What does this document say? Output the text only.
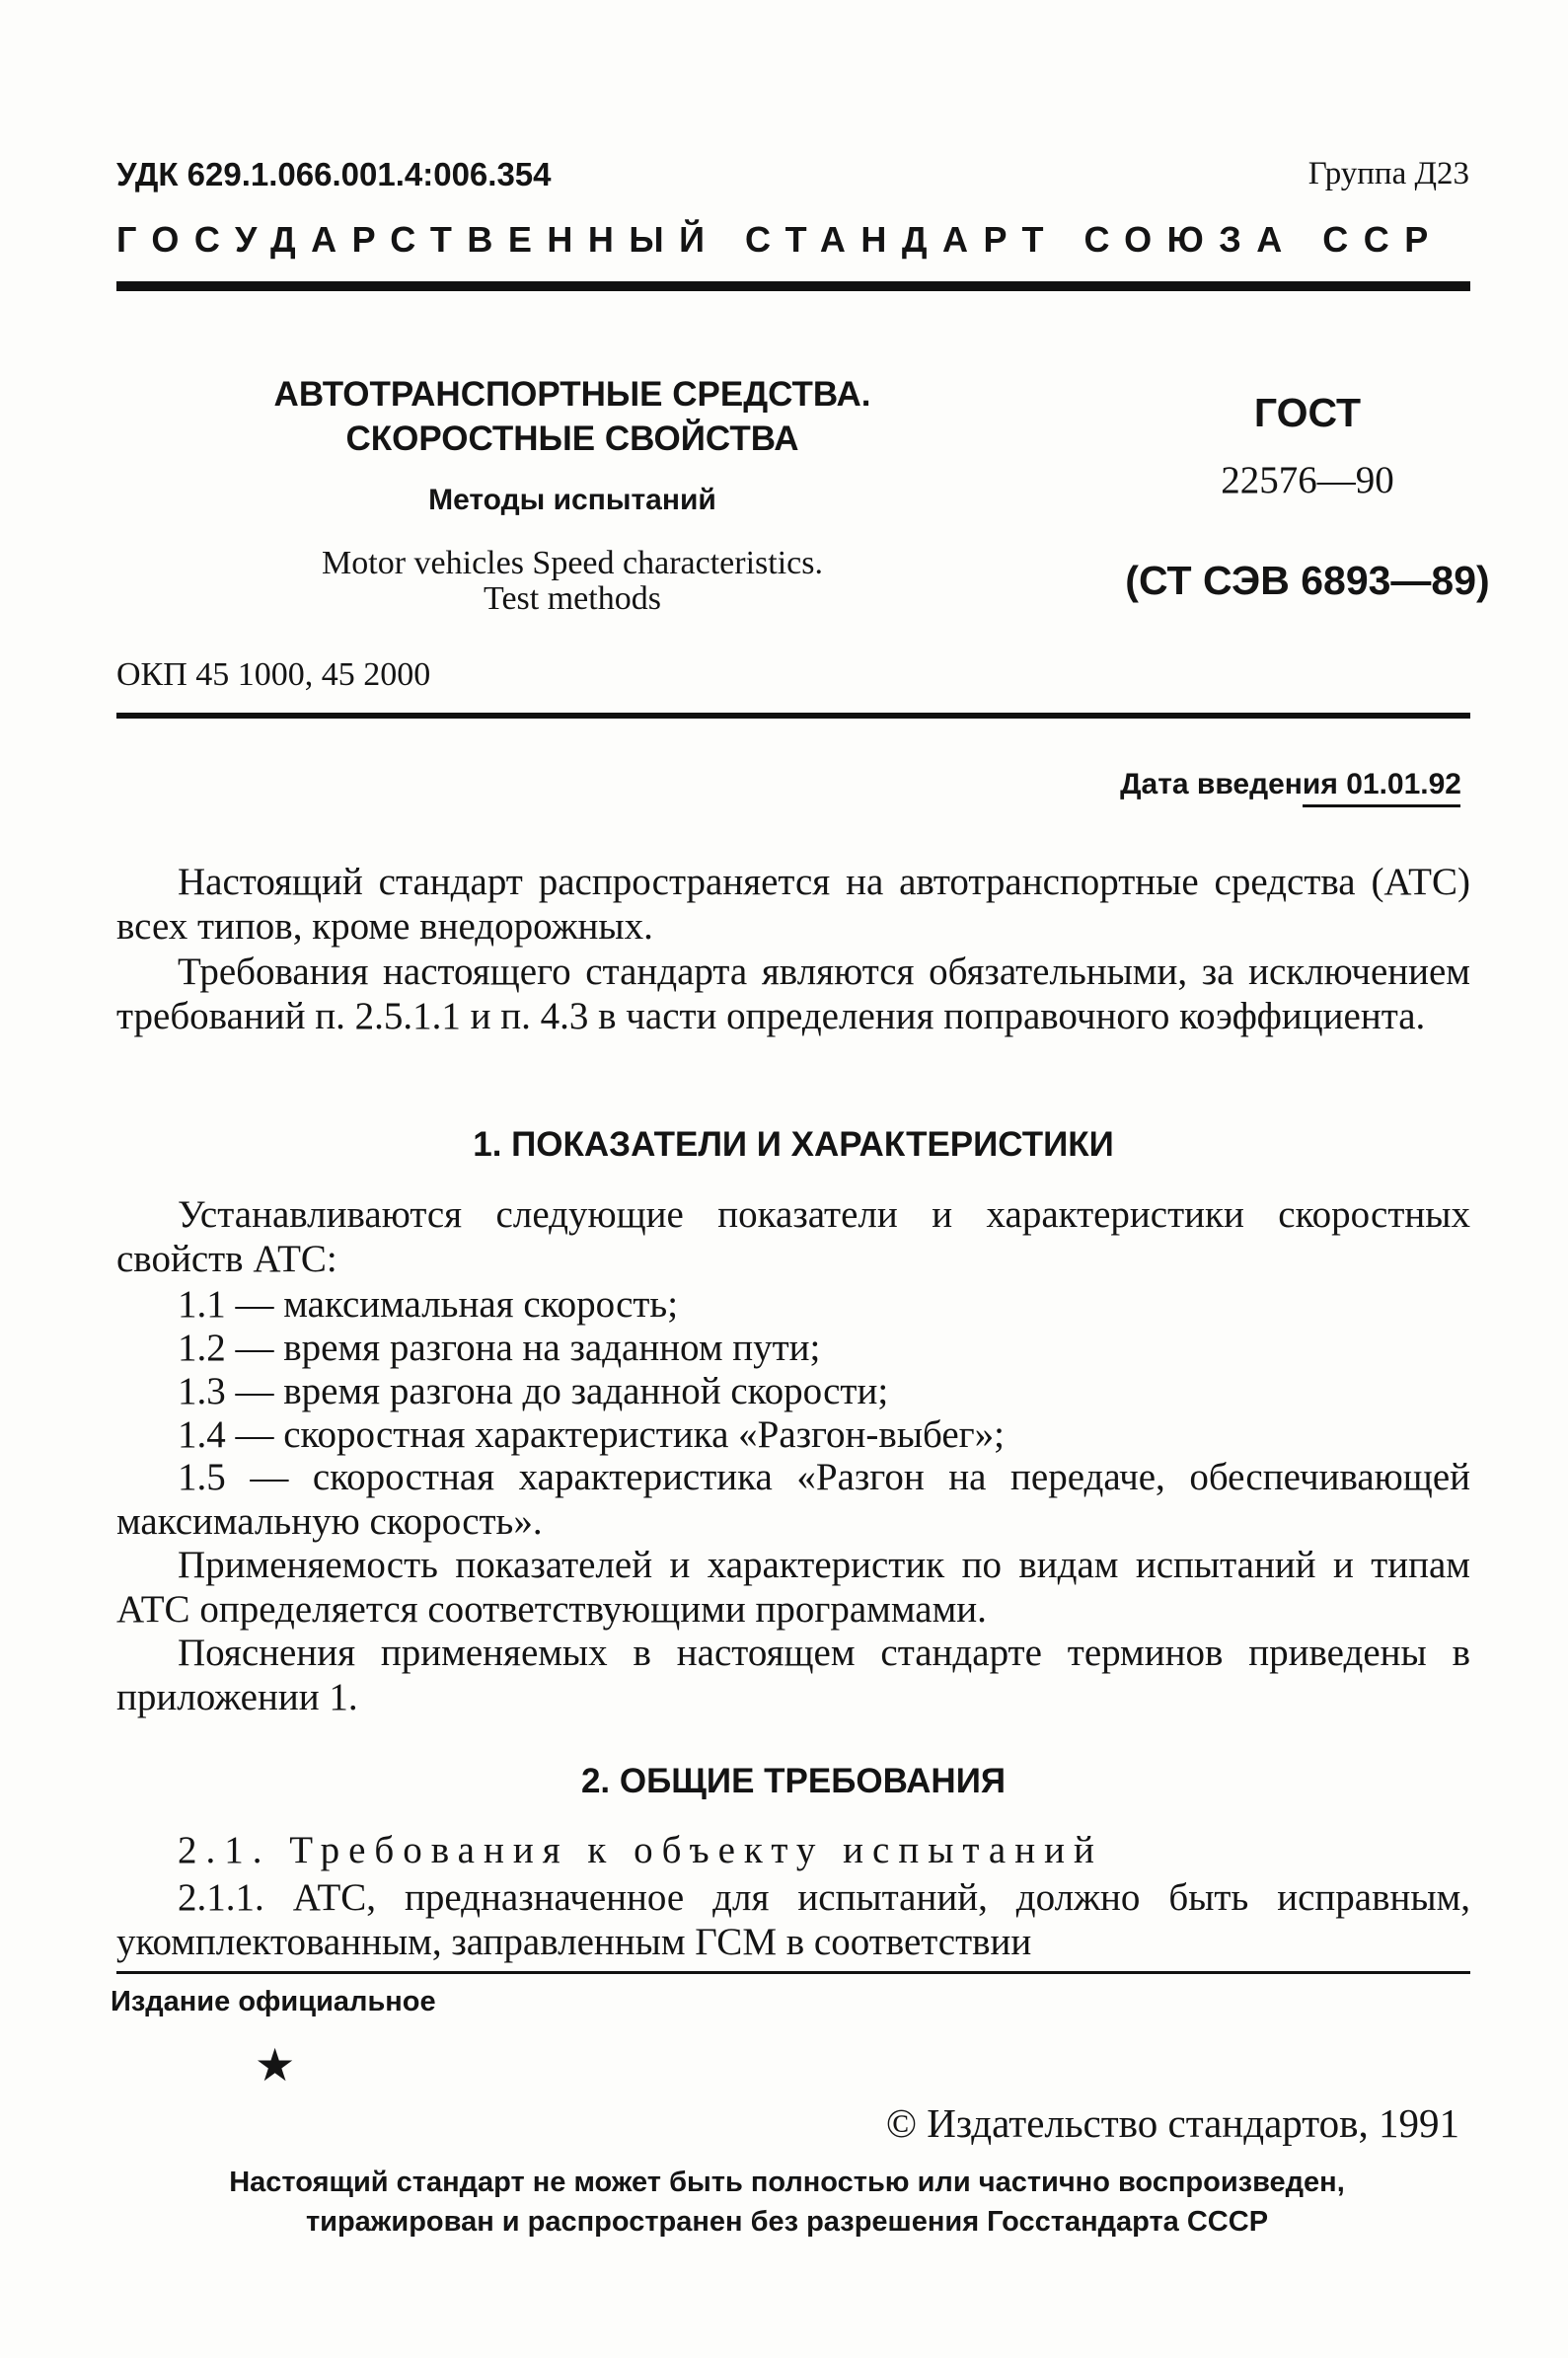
УДК 629.1.066.001.4:006.354	Группа Д23
ГОСУДАРСТВЕННЫЙ СТАНДАРТ СОЮЗА ССР
АВТОТРАНСПОРТНЫЕ СРЕДСТВА.
СКОРОСТНЫЕ СВОЙСТВА
Методы испытаний
Motor vehicles Speed characteristics.
Test methods
ГОСТ
22576—90
(СТ СЭВ 6893—89)
ОКП 45 1000, 45 2000
Дата введения 01.01.92
Настоящий стандарт распространяется на автотранспортные средства (АТС) всех типов, кроме внедорожных.
Требования настоящего стандарта являются обязательными, за исключением требований п. 2.5.1.1 и п. 4.3 в части определения поправочного коэффициента.
1. ПОКАЗАТЕЛИ И ХАРАКТЕРИСТИКИ
Устанавливаются следующие показатели и характеристики скоростных свойств АТС:
1.1 — максимальная скорость;
1.2 — время разгона на заданном пути;
1.3 — время разгона до заданной скорости;
1.4 — скоростная характеристика «Разгон-выбег»;
1.5 — скоростная характеристика «Разгон на передаче, обеспечивающей максимальную скорость».
Применяемость показателей и характеристик по видам испытаний и типам АТС определяется соответствующими программами.
Пояснения применяемых в настоящем стандарте терминов приведены в приложении 1.
2. ОБЩИЕ ТРЕБОВАНИЯ
2.1. Требования к объекту испытаний
2.1.1. АТС, предназначенное для испытаний, должно быть исправным, укомплектованным, заправленным ГСМ в соответствии
Издание официальное
★
© Издательство стандартов, 1991
Настоящий стандарт не может быть полностью или частично воспроизведен,
тиражирован и распространен без разрешения Госстандарта СССР
